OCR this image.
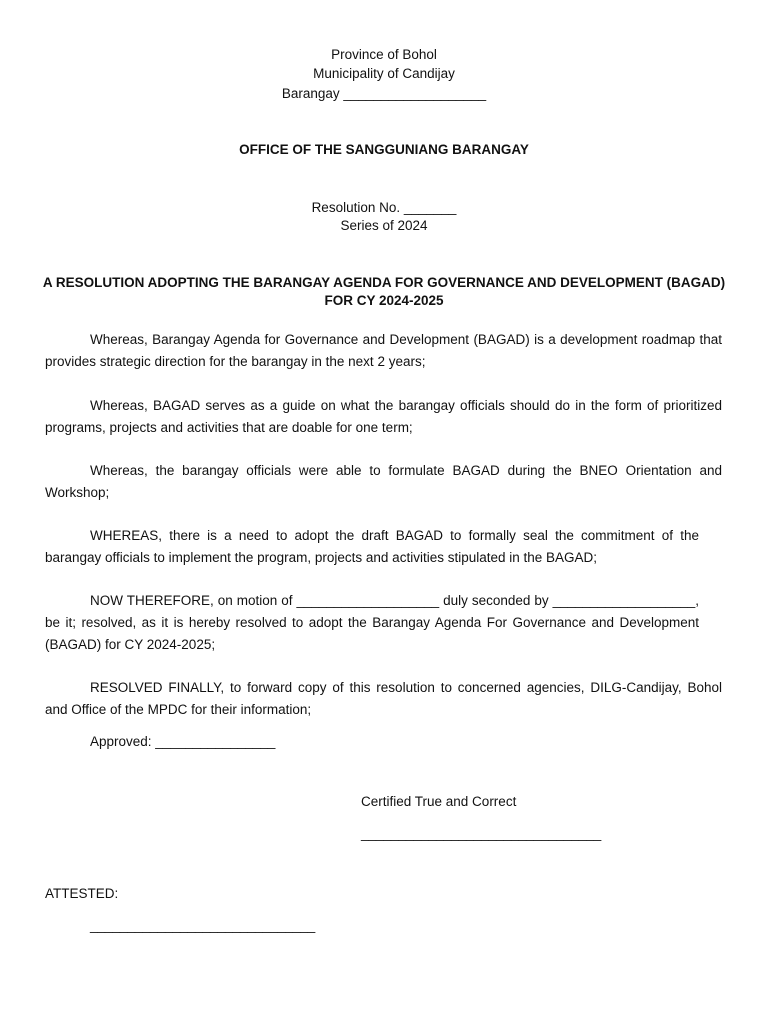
Province of Bohol
Municipality of Candijay
Barangay ___________________
OFFICE OF THE SANGGUNIANG BARANGAY
Resolution No. _______
Series of 2024
A RESOLUTION ADOPTING THE BARANGAY AGENDA FOR GOVERNANCE AND DEVELOPMENT (BAGAD)
FOR CY 2024-2025
Whereas, Barangay Agenda for Governance and Development (BAGAD) is a development roadmap that provides strategic direction for the barangay in the next 2 years;
Whereas, BAGAD serves as a guide on what the barangay officials should do in the form of prioritized programs, projects and activities that are doable for one term;
Whereas, the barangay officials were able to formulate BAGAD during the BNEO Orientation and Workshop;
WHEREAS, there is a need to adopt the draft BAGAD to formally seal the commitment of the barangay officials to implement the program, projects and activities stipulated in the BAGAD;
NOW THEREFORE, on motion of ___________________ duly seconded by ___________________, be it; resolved, as it is hereby resolved to adopt the Barangay Agenda For Governance and Development (BAGAD) for CY 2024-2025;
RESOLVED FINALLY, to forward copy of this resolution to concerned agencies, DILG-Candijay, Bohol and Office of the MPDC for their information;
Approved: ________________
Certified True and Correct
________________________________
ATTESTED:
______________________________
